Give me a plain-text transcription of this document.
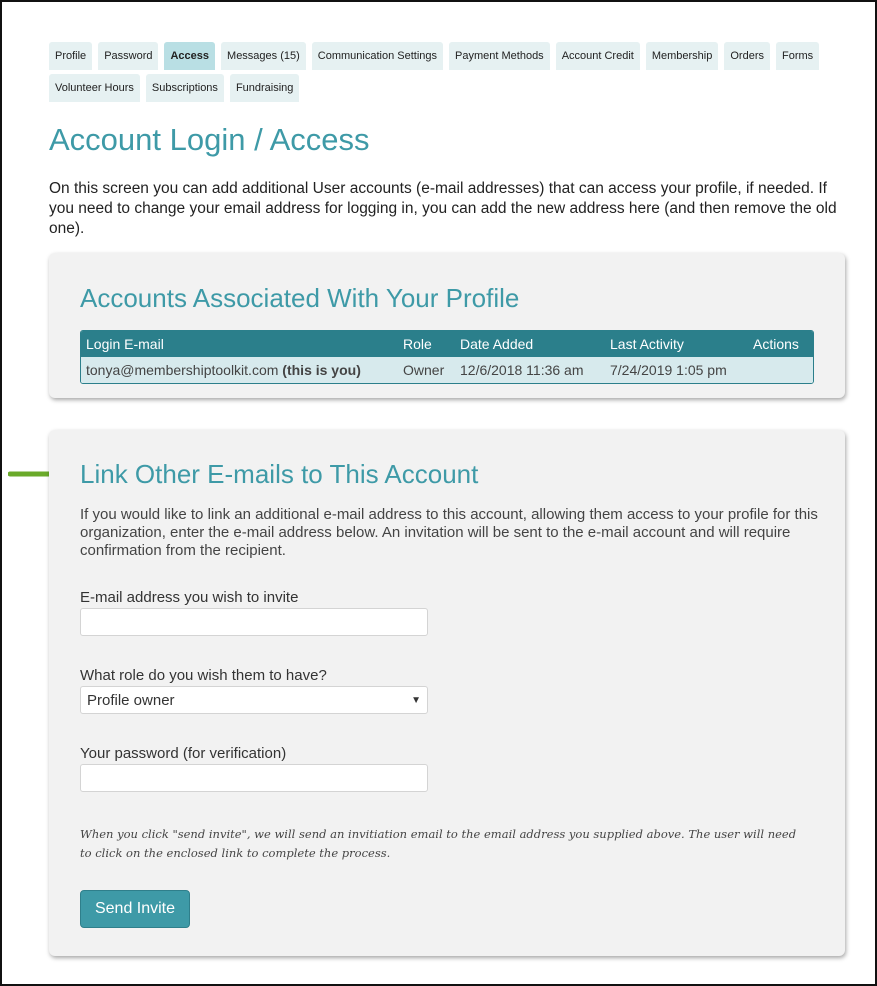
Profile	Password	Access	Messages (15)	Communication Settings	Payment Methods	Account Credit	Membership	Orders	Forms
Volunteer Hours	Subscriptions	Fundraising
Account Login / Access

On this screen you can add additional User accounts (e-mail addresses) that can access your profile, if needed. If you need to change your email address for logging in, you can add the new address here (and then remove the old one).

Accounts Associated With Your Profile
Login E-mail	Role	Date Added	Last Activity	Actions
tonya@membershiptoolkit.com (this is you)	Owner	12/6/2018 11:36 am	7/24/2019 1:05 pm	
Link Other E-mails to This Account

If you would like to link an additional e-mail address to this account, allowing them access to your profile for this organization, enter the e-mail address below. An invitation will be sent to the e-mail account and will require confirmation from the recipient.

E-mail address you wish to invite

What role do you wish them to have?

Profile owner	▼

Your password (for verification)

When you click "send invite", we will send an invitiation email to the email address you supplied above. The user will need to click on the enclosed link to complete the process.

Send Invite
